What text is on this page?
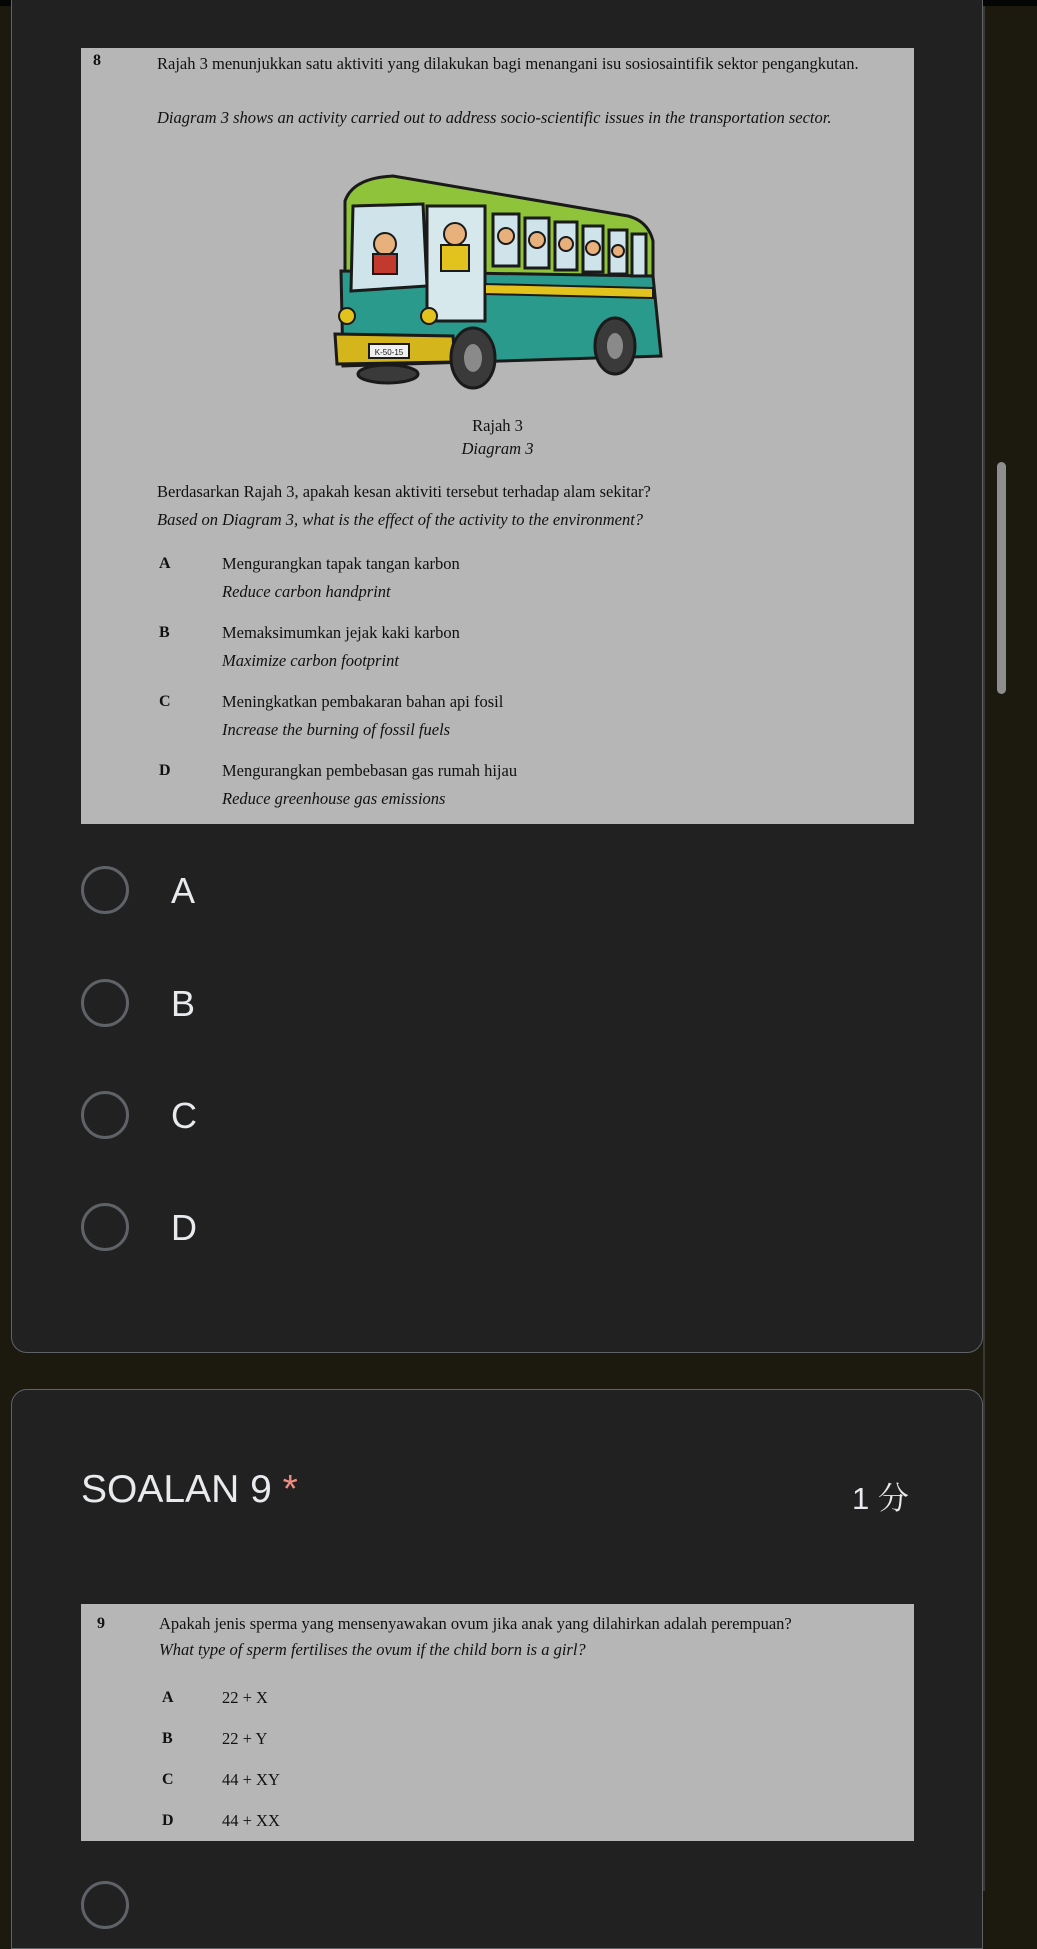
8	Rajah 3 menunjukkan satu aktiviti yang dilakukan bagi menangani isu sosiosaintifik sektor pengangkutan.
Diagram 3 shows an activity carried out to address socio-scientific issues in the transportation sector.
K-50-15
Rajah 3
Diagram 3
Berdasarkan Rajah 3, apakah kesan aktiviti tersebut terhadap alam sekitar?
Based on Diagram 3, what is the effect of the activity to the environment?
A	Mengurangkan tapak tangan karbon
Reduce carbon handprint
B	Memaksimumkan jejak kaki karbon
Maximize carbon footprint
C	Meningkatkan pembakaran bahan api fosil
Increase the burning of fossil fuels
D	Mengurangkan pembebasan gas rumah hijau
Reduce greenhouse gas emissions
A
B
C
D
SOALAN 9 *	1 分
9	Apakah jenis sperma yang mensenyawakan ovum jika anak yang dilahirkan adalah perempuan?
What type of sperm fertilises the ovum if the child born is a girl?
A	22 + X
B	22 + Y
C	44 + XY
D	44 + XX
